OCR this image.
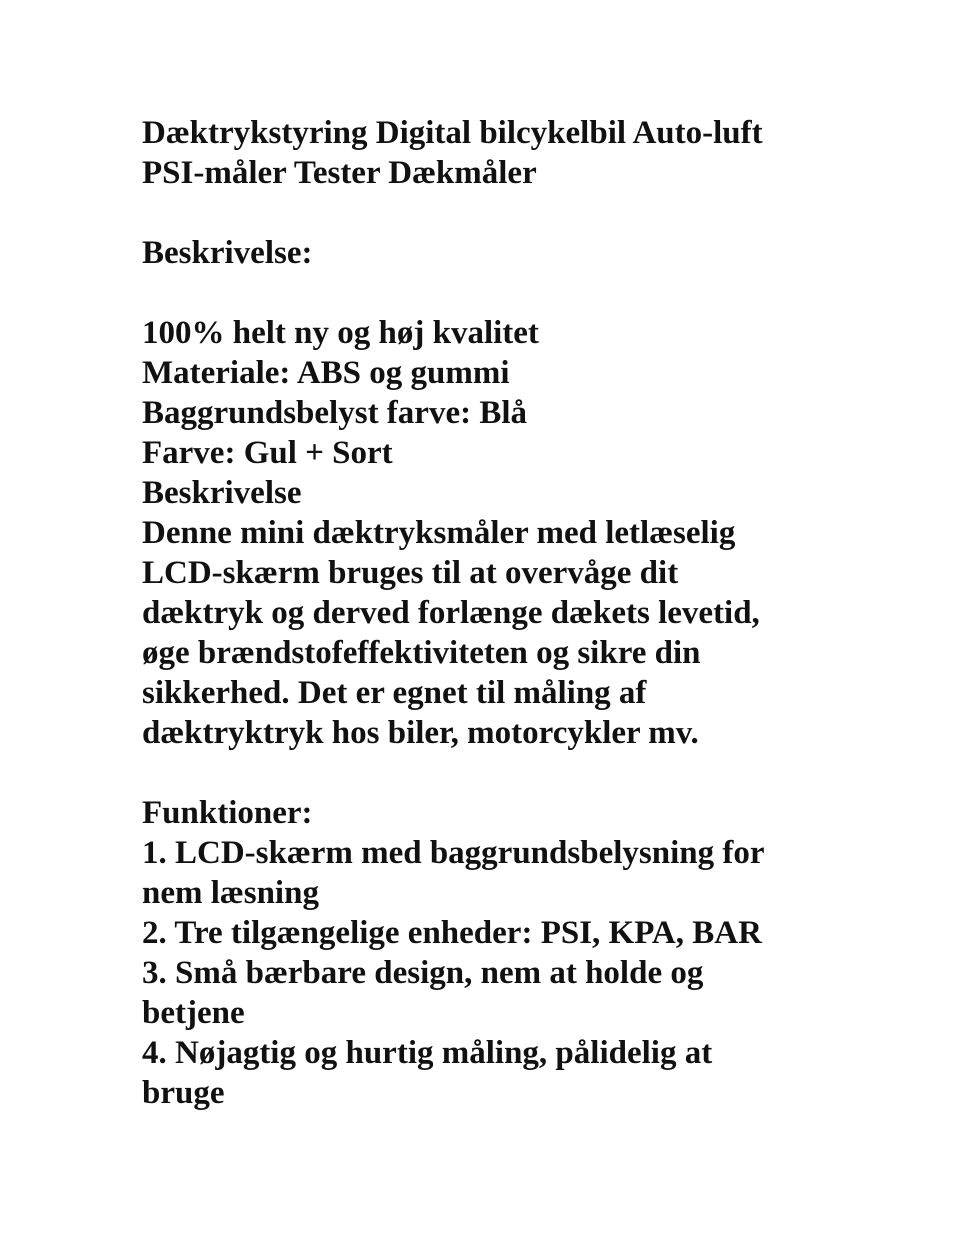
Dæktrykstyring Digital bilcykelbil Auto-luft
PSI-måler Tester Dækmåler
Beskrivelse:
100% helt ny og høj kvalitet
Materiale: ABS og gummi
Baggrundsbelyst farve: Blå
Farve: Gul + Sort
Beskrivelse
Denne mini dæktryksmåler med letlæselig
LCD-skærm bruges til at overvåge dit
dæktryk og derved forlænge dækets levetid,
øge brændstofeffektiviteten og sikre din
sikkerhed. Det er egnet til måling af
dæktryktryk hos biler, motorcykler mv.
Funktioner:
1. LCD-skærm med baggrundsbelysning for
nem læsning
2. Tre tilgængelige enheder: PSI, KPA, BAR
3. Små bærbare design, nem at holde og
betjene
4. Nøjagtig og hurtig måling, pålidelig at
bruge
